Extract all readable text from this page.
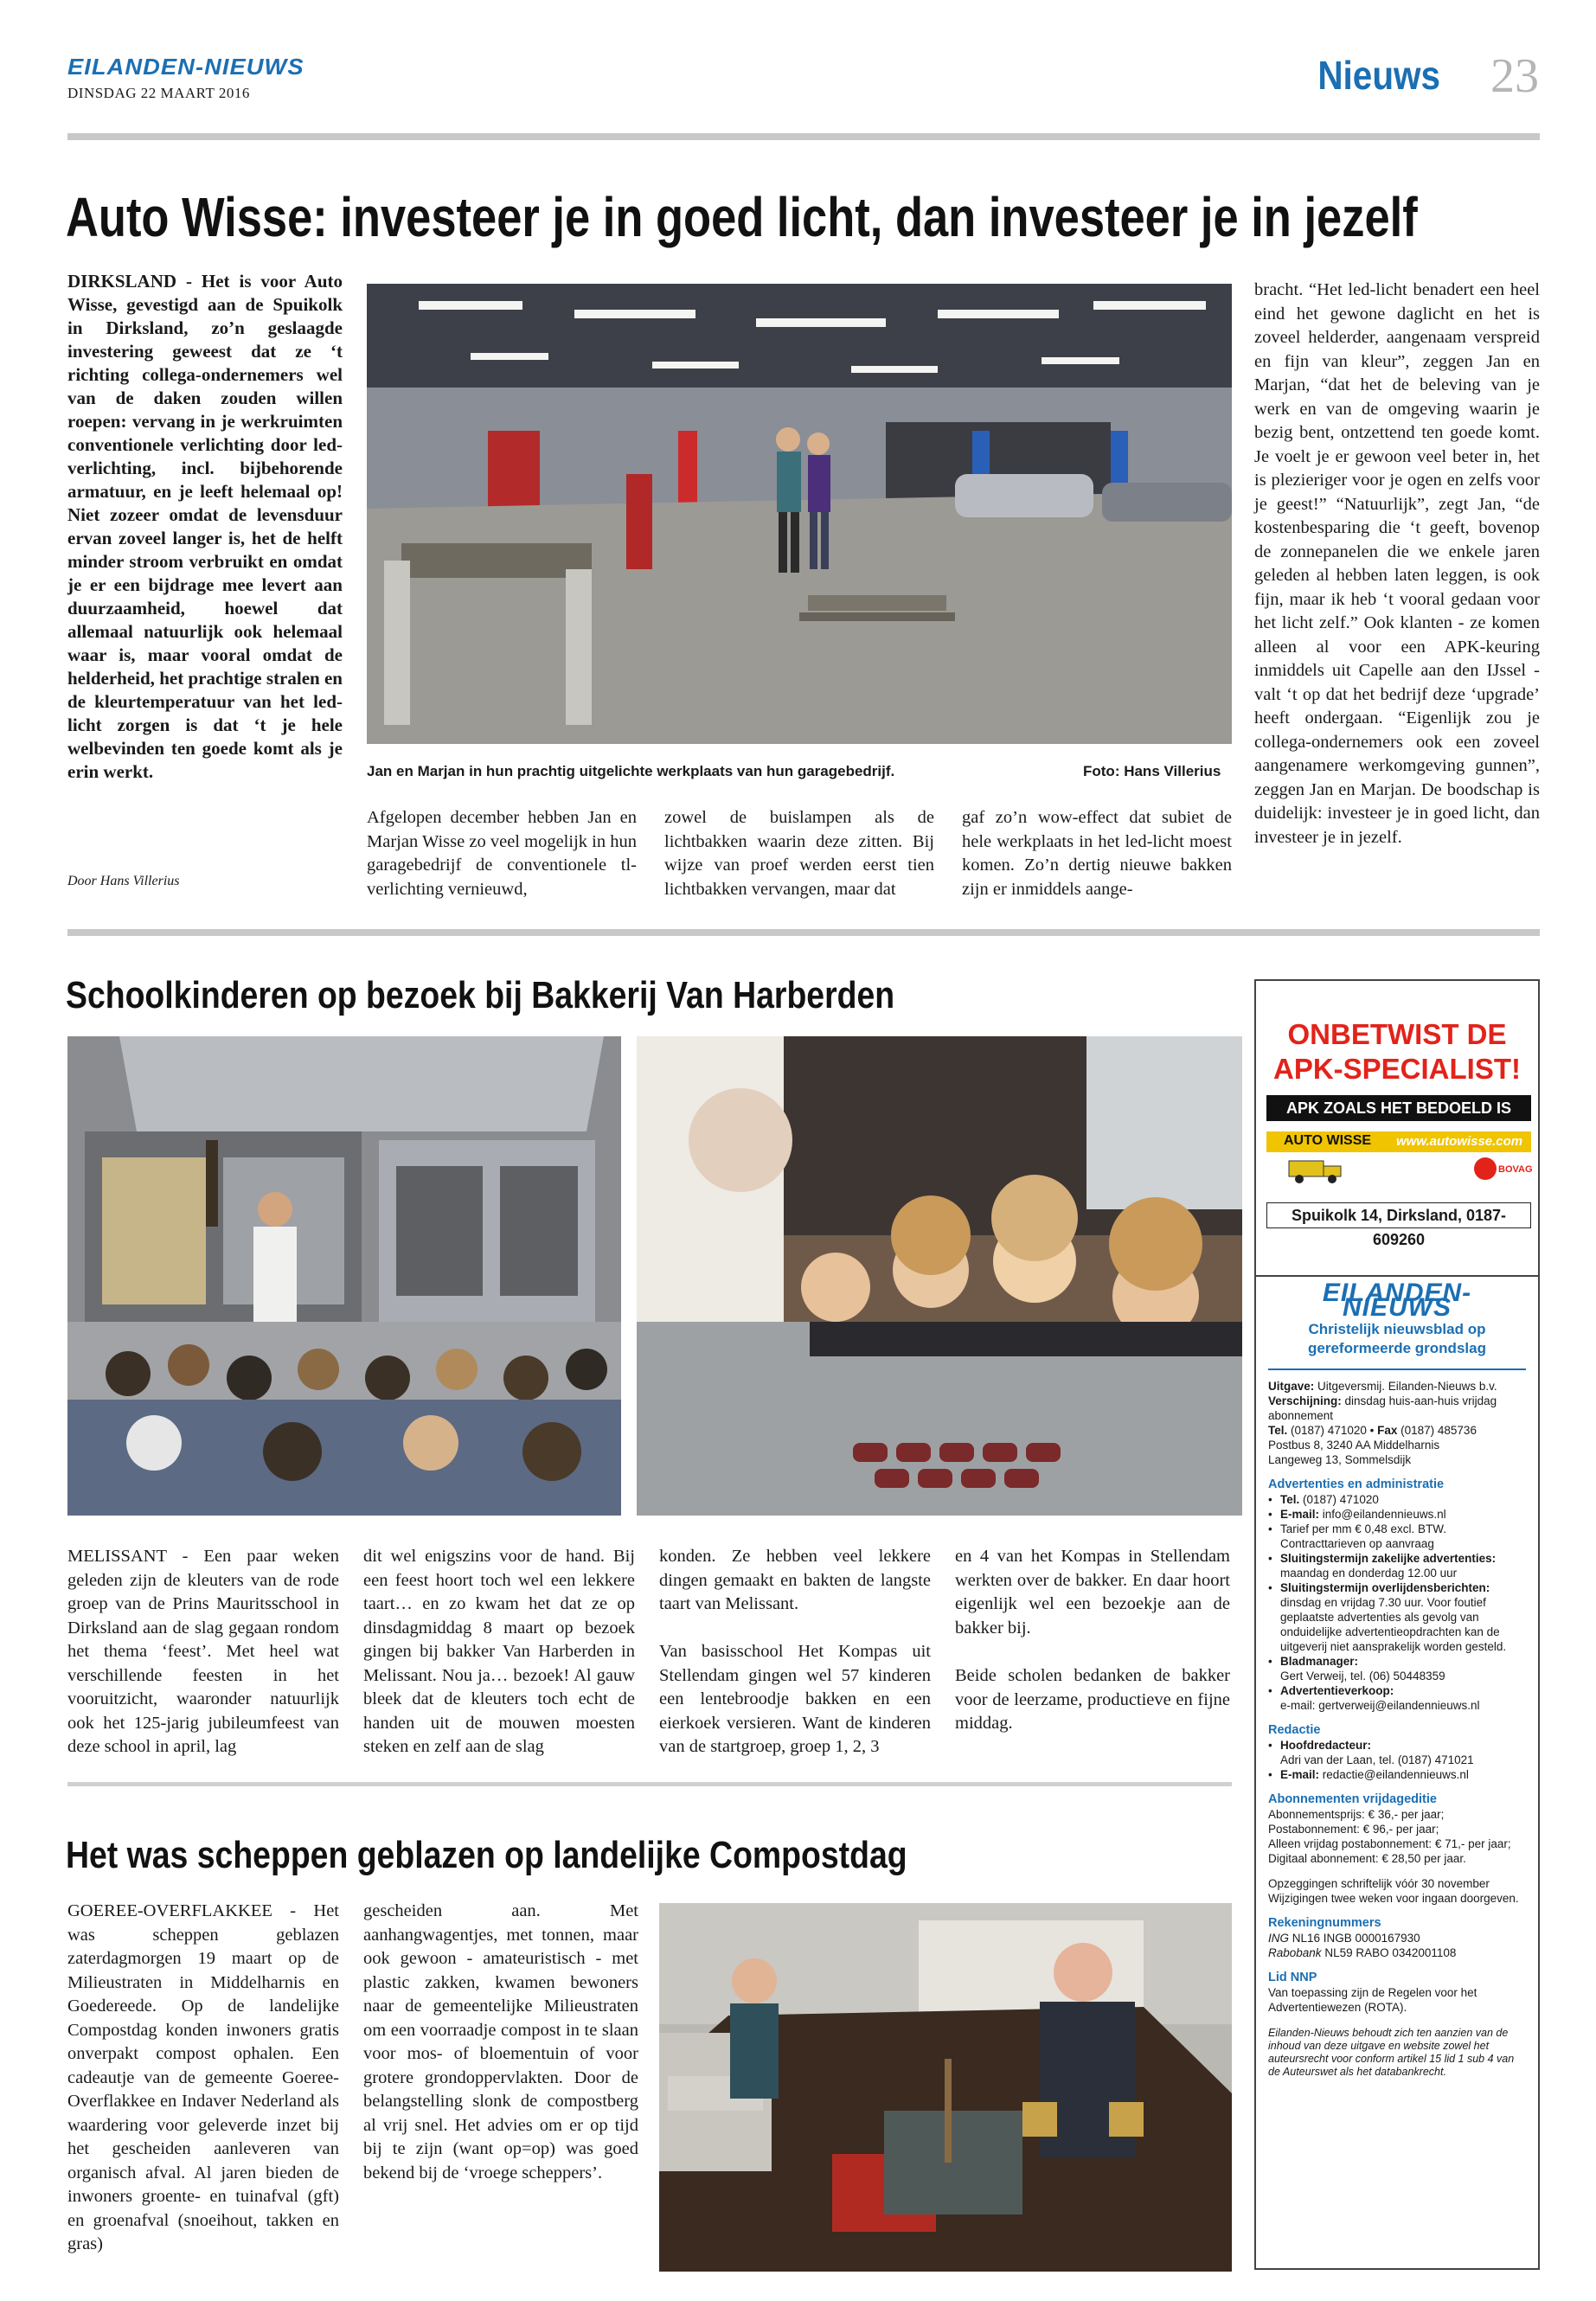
EILANDEN-NIEUWS
DINSDAG 22 MAART 2016	Nieuws 23
Auto Wisse: investeer je in goed licht, dan investeer je in jezelf
DIRKSLAND - Het is voor Auto Wisse, gevestigd aan de Spuikolk in Dirksland, zo’n geslaagde investering geweest dat ze ‘t richting collega-ondernemers wel van de daken zouden willen roepen: vervang in je werkruimten conventionele verlichting door led-verlichting, incl. bijbehorende armatuur, en je leeft helemaal op! Niet zozeer omdat de levensduur ervan zoveel langer is, het de helft minder stroom verbruikt en omdat je er een bijdrage mee levert aan duurzaamheid, hoewel dat allemaal natuurlijk ook helemaal waar is, maar vooral omdat de helderheid, het prachtige stralen en de kleurtemperatuur van het led-licht zorgen is dat ‘t je hele welbevinden ten goede komt als je erin werkt.
Door Hans Villerius
Jan en Marjan in hun prachtig uitgelichte werkplaats van hun garagebedrijf.	Foto: Hans Villerius
Afgelopen december hebben Jan en Marjan Wisse zo veel mogelijk in hun garagebedrijf de conventionele tl-verlichting vernieuwd,
zowel de buislampen als de lichtbakken waarin deze zitten. Bij wijze van proef werden eerst tien lichtbakken vervangen, maar dat
gaf zo’n wow-effect dat subiet de hele werkplaats in het led-licht moest komen. Zo’n dertig nieuwe bakken zijn er inmiddels aange-
bracht. “Het led-licht benadert een heel eind het gewone daglicht en het is zoveel helderder, aangenaam verspreid en fijn van kleur”, zeggen Jan en Marjan, “dat het de beleving van je werk en van de omgeving waarin je bezig bent, ontzettend ten goede komt. Je voelt je er gewoon veel beter in, het is plezieriger voor je ogen en zelfs voor je geest!” “Natuurlijk”, zegt Jan, “de kostenbesparing die ‘t geeft, bovenop de zonnepanelen die we enkele jaren geleden al hebben laten leggen, is ook fijn, maar ik heb ‘t vooral gedaan voor het licht zelf.” Ook klanten - ze komen alleen al voor een APK-keuring inmiddels uit Capelle aan den IJssel - valt ‘t op dat het bedrijf deze ‘upgrade’ heeft ondergaan. “Eigenlijk zou je collega-ondernemers ook een zoveel aangenamere werkomgeving gunnen”, zeggen Jan en Marjan. De boodschap is duidelijk: investeer je in goed licht, dan investeer je in jezelf.
Schoolkinderen op bezoek bij Bakkerij Van Harberden
MELISSANT - Een paar weken geleden zijn de kleuters van de rode groep van de Prins Mauritsschool in Dirksland aan de slag gegaan rondom het thema ‘feest’. Met heel wat verschillende feesten in het vooruitzicht, waaronder natuurlijk ook het 125-jarig jubileumfeest van deze school in april, lag
dit wel enigszins voor de hand. Bij een feest hoort toch wel een lekkere taart… en zo kwam het dat ze op dinsdagmiddag 8 maart op bezoek gingen bij bakker Van Harberden in Melissant. Nou ja… bezoek! Al gauw bleek dat de kleuters toch echt de handen uit de mouwen moesten steken en zelf aan de slag
konden. Ze hebben veel lekkere dingen gemaakt en bakten de langste taart van Melissant.
Van basisschool Het Kompas uit Stellendam gingen wel 57 kinderen een lentebroodje bakken en een eierkoek versieren. Want de kinderen van de startgroep, groep 1, 2, 3
en 4 van het Kompas in Stellendam werkten over de bakker. En daar hoort eigenlijk wel een bezoekje aan de bakker bij.
Beide scholen bedanken de bakker voor de leerzame, productieve en fijne middag.
Het was scheppen geblazen op landelijke Compostdag
GOEREE-OVERFLAKKEE - Het was scheppen geblazen zaterdagmorgen 19 maart op de Milieustraten in Middelharnis en Goedereede. Op de landelijke Compostdag konden inwoners gratis onverpakt compost ophalen. Een cadeautje van de gemeente Goeree-Overflakkee en Indaver Nederland als waardering voor geleverde inzet bij het gescheiden aanleveren van organisch afval. Al jaren bieden de inwoners groente- en tuinafval (gft) en groenafval (snoeihout, takken en gras)
gescheiden aan. Met aanhangwagentjes, met tonnen, maar ook gewoon - amateuristisch - met plastic zakken, kwamen bewoners naar de gemeentelijke Milieustraten om een voorraadje compost in te slaan voor mos- of bloementuin of voor grotere grondoppervlakten. Door de belangstelling slonk de compostberg al vrij snel. Het advies om er op tijd bij te zijn (want op=op) was goed bekend bij de ‘vroege scheppers’.
ONBETWIST DE
APK-SPECIALIST!
APK ZOALS HET BEDOELD IS
AUTO WISSE www.autowisse.com
BOVAG
Spuikolk 14, Dirksland, 0187-609260
EILANDEN-NIEUWS
Christelijk nieuwsblad op gereformeerde grondslag

Uitgave: Uitgeversmij. Eilanden-Nieuws b.v.

Verschijning: dinsdag huis-aan-huis vrijdag abonnement

Tel. (0187) 471020 • Fax (0187) 485736

Postbus 8, 3240 AA Middelharnis

Langeweg 13, Sommelsdijk

Advertenties en administratie
• Tel. (0187) 471020
• E-mail: info@eilandennieuws.nl
• Tarief per mm € 0,48 excl. BTW. Contracttarieven op aanvraag
• Sluitingstermijn zakelijke advertenties:
maandag en donderdag 12.00 uur
• Sluitingstermijn overlijdensberichten:
dinsdag en vrijdag 7.30 uur. Voor foutief geplaatste advertenties als gevolg van onduidelijke advertentieopdrachten kan de uitgeverij niet aansprakelijk worden gesteld.
• Bladmanager:
Gert Verweij, tel. (06) 50448359
• Advertentieverkoop:
e-mail: gertverweij@eilandennieuws.nl
Redactie
• Hoofdredacteur:
Adri van der Laan, tel. (0187) 471021
• E-mail: redactie@eilandennieuws.nl
Abonnementen vrijdageditie

Abonnementsprijs: € 36,- per jaar;

Postabonnement: € 96,- per jaar;

Alleen vrijdag postabonnement: € 71,- per jaar;

Digitaal abonnement: € 28,50 per jaar.

Opzeggingen schriftelijk vóór 30 november Wijzigingen twee weken voor ingaan doorgeven.

Rekeningnummers

ING NL16 INGB 0000167930

Rabobank NL59 RABO 0342001108

Lid NNP

Van toepassing zijn de Regelen voor het Advertentiewezen (ROTA).

Eilanden-Nieuws behoudt zich ten aanzien van de inhoud van deze uitgave en website zowel het auteursrecht voor conform artikel 15 lid 1 sub 4 van de Auteurswet als het databankrecht.
